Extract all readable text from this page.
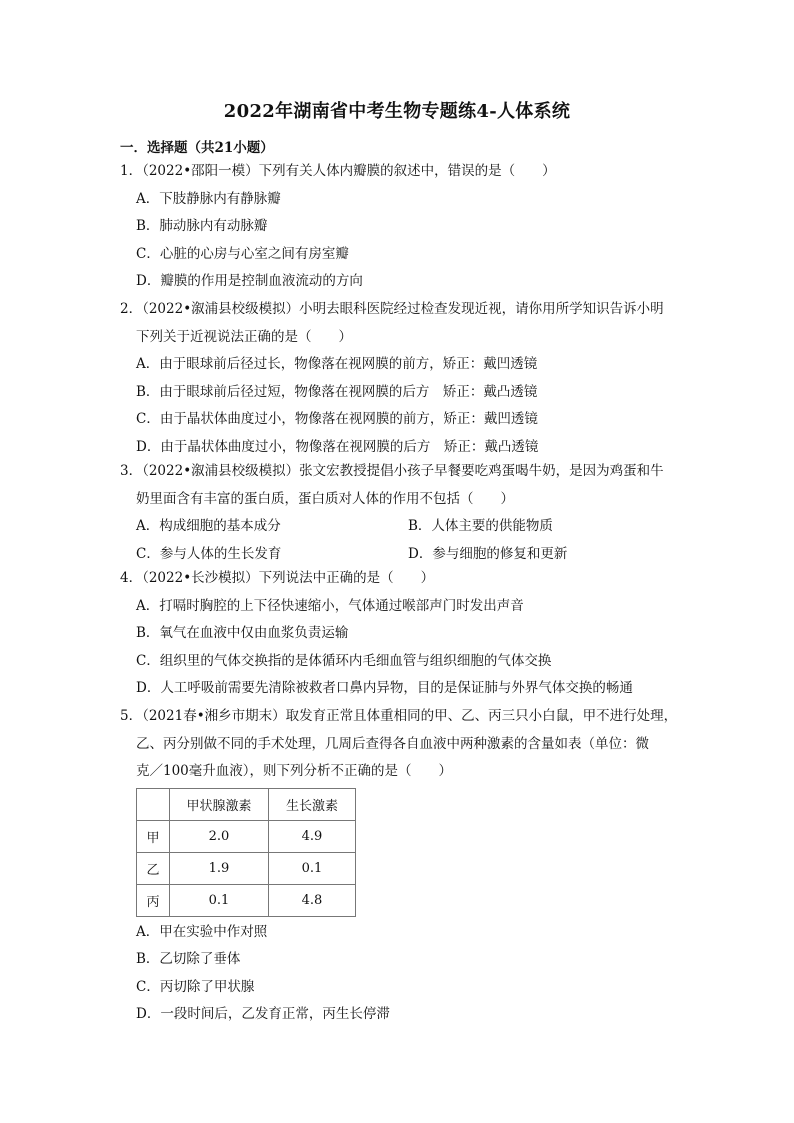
2022年湖南省中考生物专题练4-人体系统
一．选择题（共21小题）
1．（2022•邵阳一模）下列有关人体内瓣膜的叙述中，错误的是（　　）
A．下肢静脉内有静脉瓣
B．肺动脉内有动脉瓣
C．心脏的心房与心室之间有房室瓣
D．瓣膜的作用是控制血液流动的方向
2．（2022•溆浦县校级模拟）小明去眼科医院经过检查发现近视，请你用所学知识告诉小明
下列关于近视说法正确的是（　　）
A．由于眼球前后径过长，物像落在视网膜的前方，矫正：戴凹透镜
B．由于眼球前后径过短，物像落在视网膜的后方　矫正：戴凸透镜
C．由于晶状体曲度过小，物像落在视网膜的前方，矫正：戴凹透镜
D．由于晶状体曲度过小，物像落在视网膜的后方　矫正：戴凸透镜
3．（2022•溆浦县校级模拟）张文宏教授提倡小孩子早餐要吃鸡蛋喝牛奶，是因为鸡蛋和牛
奶里面含有丰富的蛋白质，蛋白质对人体的作用不包括（　　）
A．构成细胞的基本成分	B．人体主要的供能物质
C．参与人体的生长发育	D．参与细胞的修复和更新
4．（2022•长沙模拟）下列说法中正确的是（　　）
A．打嗝时胸腔的上下径快速缩小，气体通过喉部声门时发出声音
B．氧气在血液中仅由血浆负责运输
C．组织里的气体交换指的是体循环内毛细血管与组织细胞的气体交换
D．人工呼吸前需要先清除被救者口鼻内异物，目的是保证肺与外界气体交换的畅通
5．（2021春•湘乡市期末）取发育正常且体重相同的甲、乙、丙三只小白鼠，甲不进行处理，
乙、丙分别做不同的手术处理，几周后查得各自血液中两种激素的含量如表（单位：微
克／100毫升血液），则下列分析不正确的是（　　）
	甲状腺激素	生长激素
甲	2.0	4.9
乙	1.9	0.1
丙	0.1	4.8
A．甲在实验中作对照
B．乙切除了垂体
C．丙切除了甲状腺
D．一段时间后，乙发育正常，丙生长停滞
